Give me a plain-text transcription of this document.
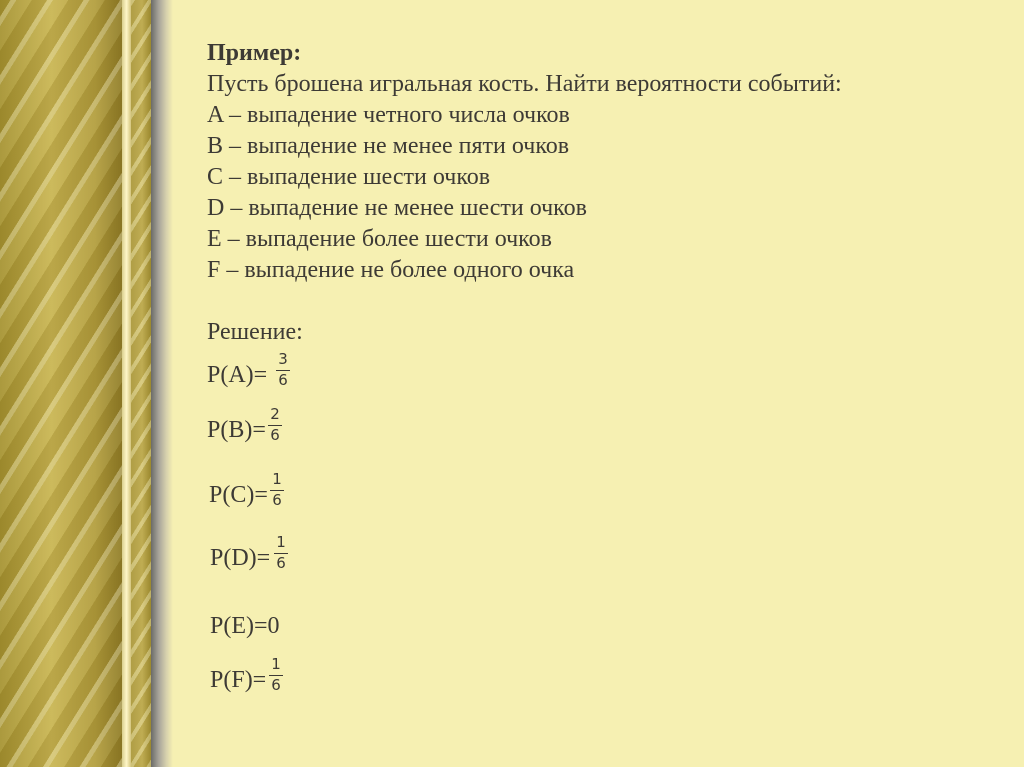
Пример:
Пусть брошена игральная кость. Найти вероятности событий:
A – выпадение четного числа очков
B – выпадение не менее пяти очков
C – выпадение шести очков
D – выпадение не менее шести очков
E – выпадение более шести очков
F – выпадение не более одного очка
Решение:
P(A)=
3
6
P(B)=
2
6
P(C)=
1
6
P(D)=
1
6
P(E)=0
P(F)=
1
6
